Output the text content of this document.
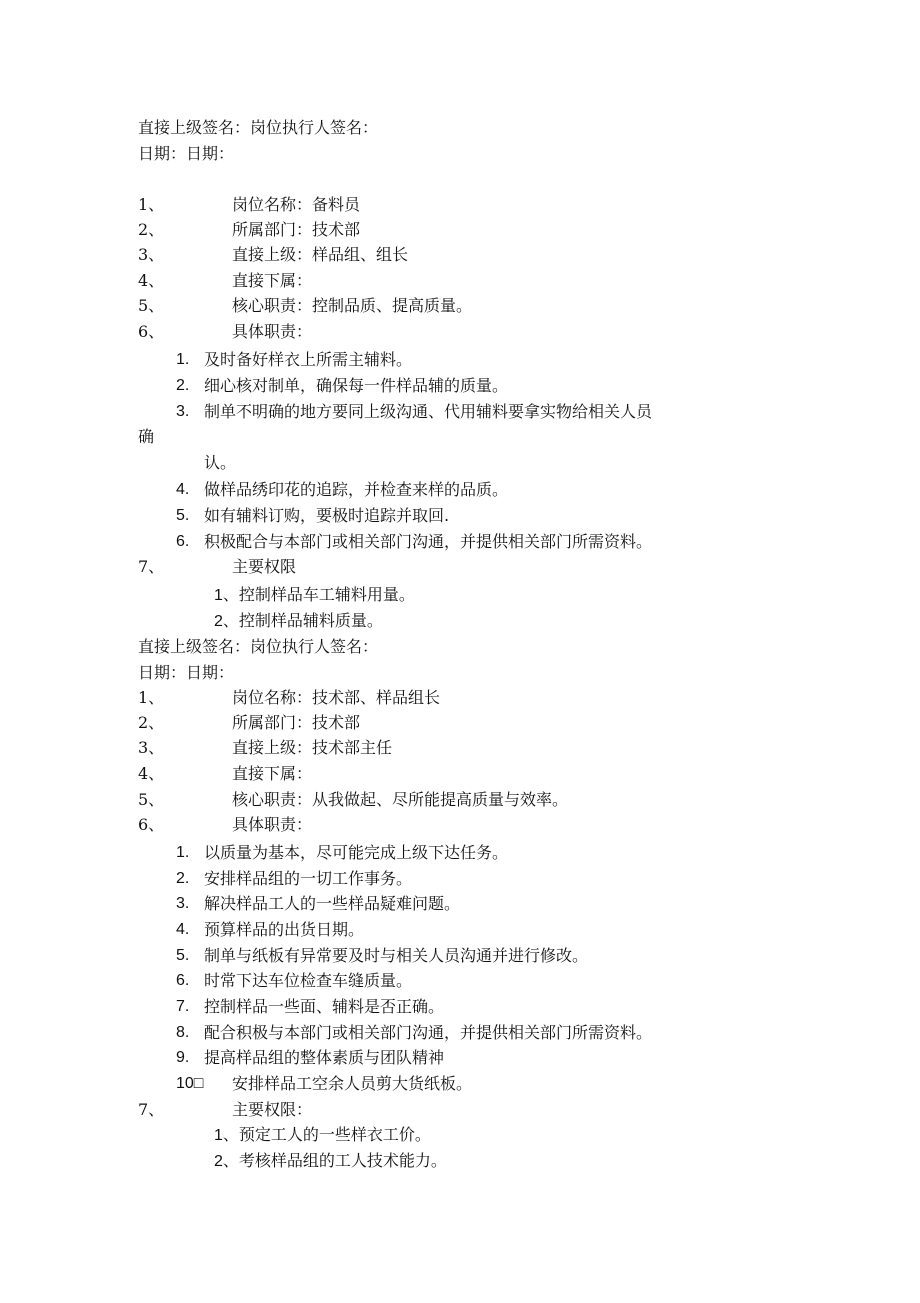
直接上级签名：岗位执行人签名：
日期：日期：
1、	岗位名称：备料员
2、	所属部门：技术部
3、	直接上级：样品组、组长
4、	直接下属：
5、	核心职责：控制品质、提高质量。
6、	具体职责：
1. 及时备好样衣上所需主辅料。
2. 细心核对制单，确保每一件样品辅的质量。
3. 制单不明确的地方要同上级沟通、代用辅料要拿实物给相关人员
确
认。
4. 做样品绣印花的追踪，并检查来样的品质。
5. 如有辅料订购，要极时追踪并取回.
6. 积极配合与本部门或相关部门沟通，并提供相关部门所需资料。
7、	主要权限
1、控制样品车工辅料用量。
2、控制样品辅料质量。
直接上级签名：岗位执行人签名：
日期：日期：
1、	岗位名称：技术部、样品组长
2、	所属部门：技术部
3、	直接上级：技术部主任
4、	直接下属：
5、	核心职责：从我做起、尽所能提高质量与效率。
6、	具体职责：
1. 以质量为基本，尽可能完成上级下达任务。
2. 安排样品组的一切工作事务。
3. 解决样品工人的一些样品疑难问题。
4. 预算样品的出货日期。
5. 制单与纸板有异常要及时与相关人员沟通并进行修改。
6. 时常下达车位检查车缝质量。
7. 控制样品一些面、辅料是否正确。
8. 配合积极与本部门或相关部门沟通，并提供相关部门所需资料。
9. 提高样品组的整体素质与团队精神
10□ 安排样品工空余人员剪大货纸板。
7、	主要权限：
1、预定工人的一些样衣工价。
2、考核样品组的工人技术能力。
